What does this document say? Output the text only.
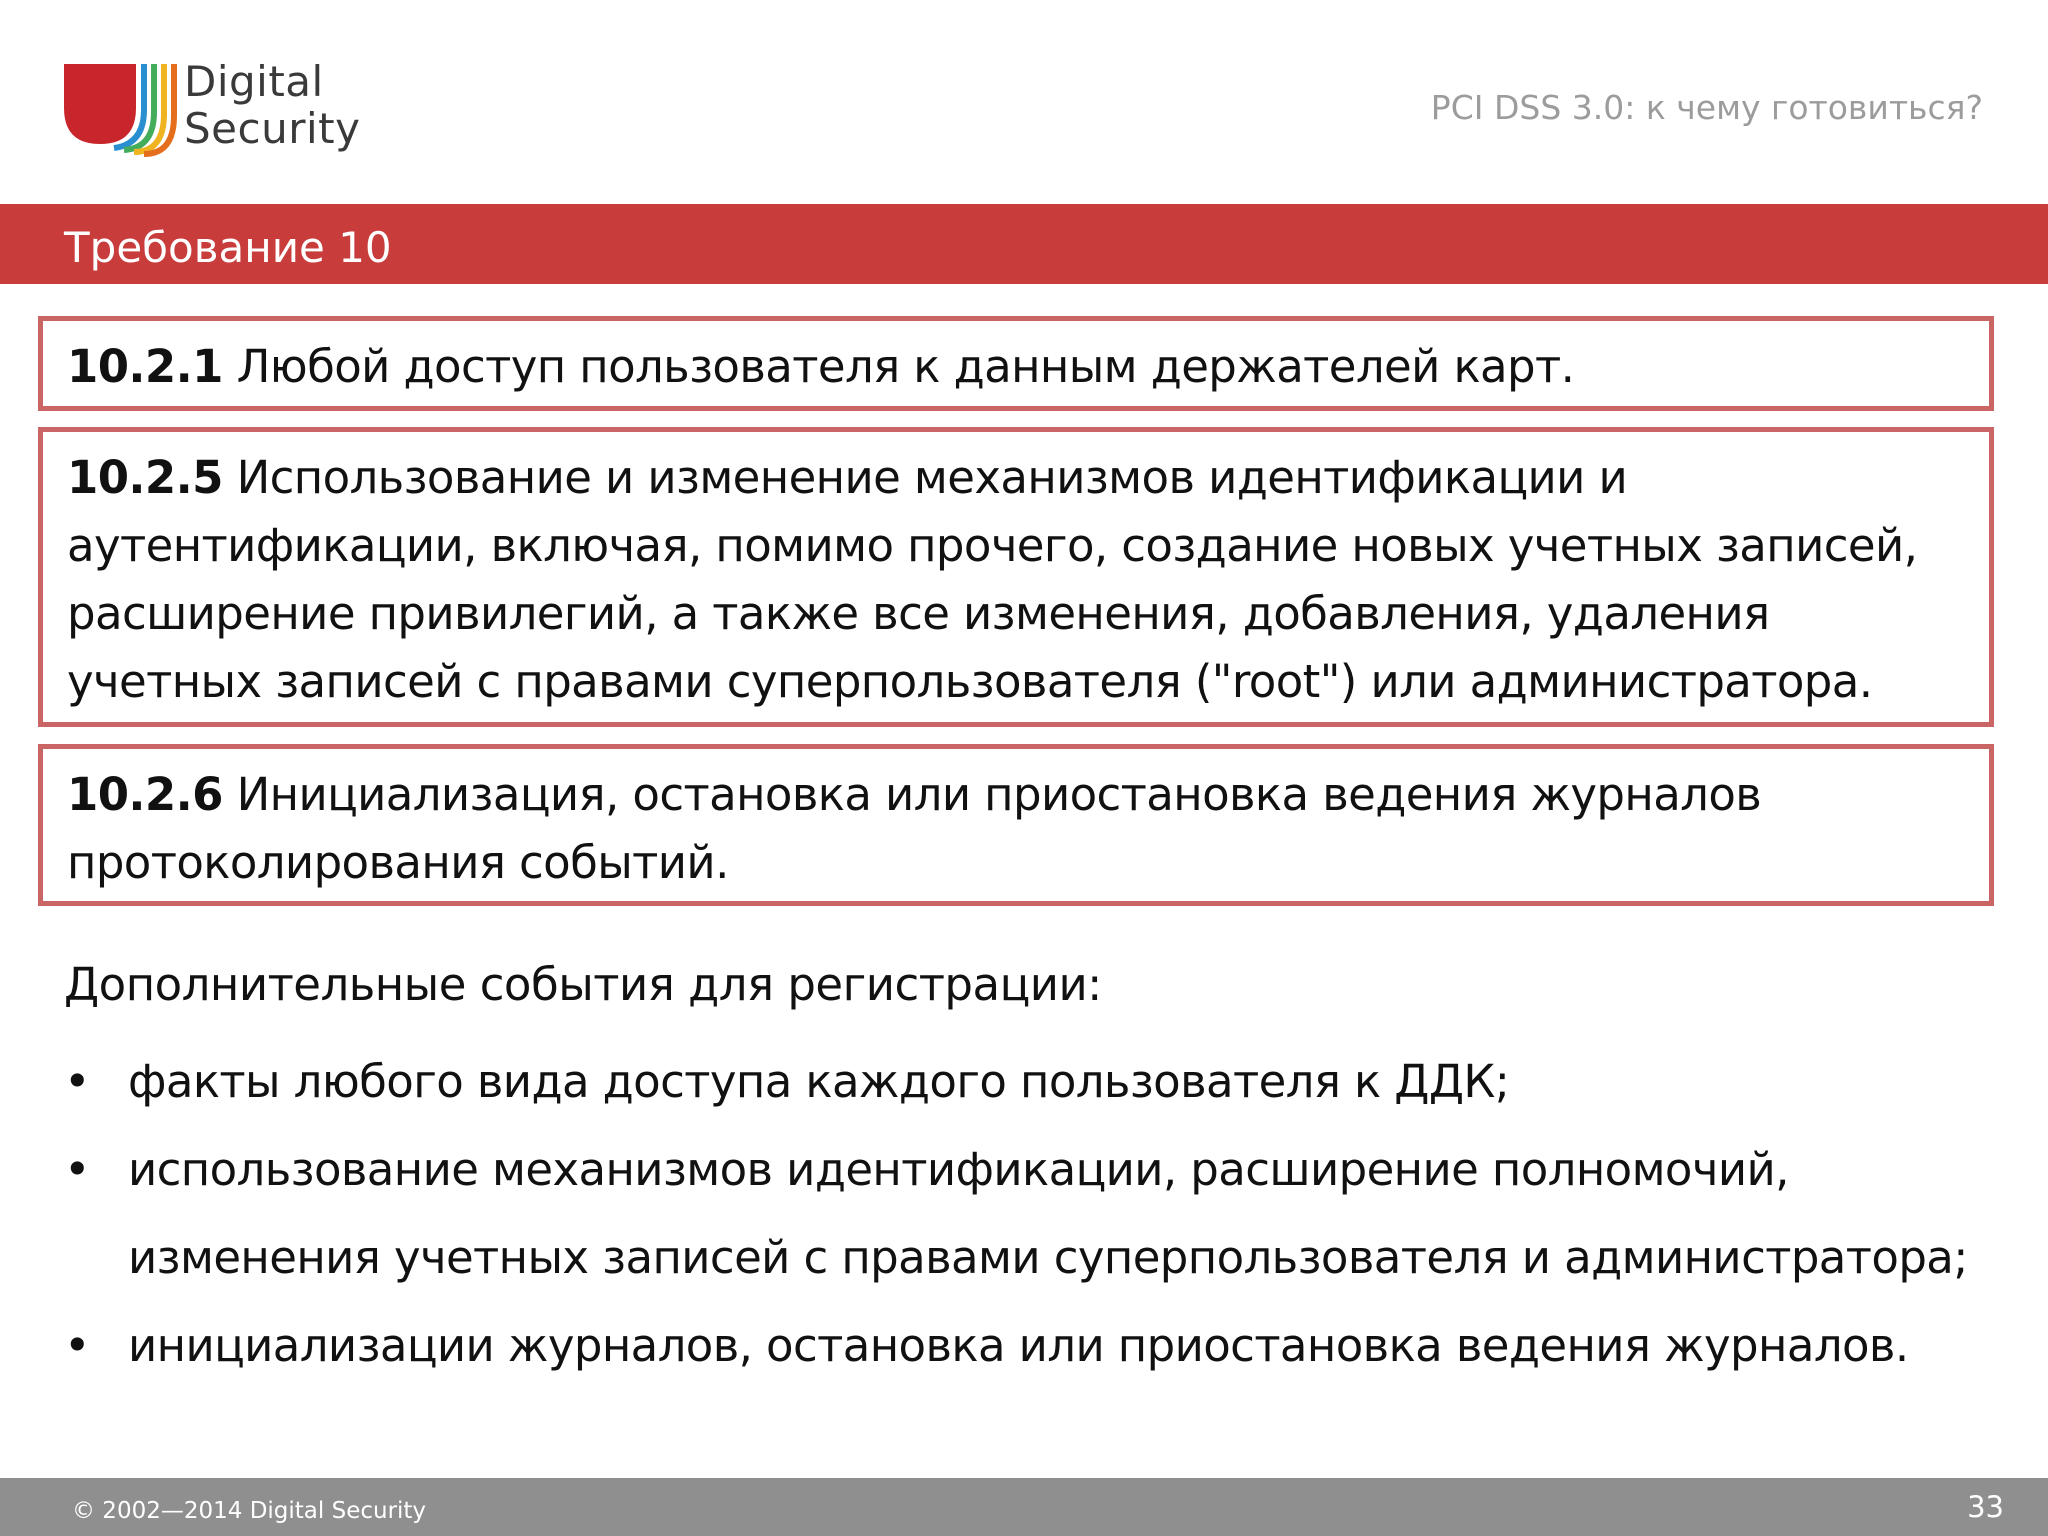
Digital
Security	PCI DSS 3.0: к чему готовиться?
Требование 10
10.2.1 Любой доступ пользователя к данным держателей карт.
10.2.5 Использование и изменение механизмов идентификации и аутентификации, включая, помимо прочего, создание новых учетных записей, расширение привилегий, а также все изменения, добавления, удаления учетных записей с правами суперпользователя ("root") или администратора.
10.2.6 Инициализация, остановка или приостановка ведения журналов протоколирования событий.
Дополнительные события для регистрации:
• факты любого вида доступа каждого пользователя к ДДК;
• использование механизмов идентификации, расширение полномочий, изменения учетных записей с правами суперпользователя и администратора;
• инициализации журналов, остановка или приостановка ведения журналов.
© 2002—2014 Digital Security	33
